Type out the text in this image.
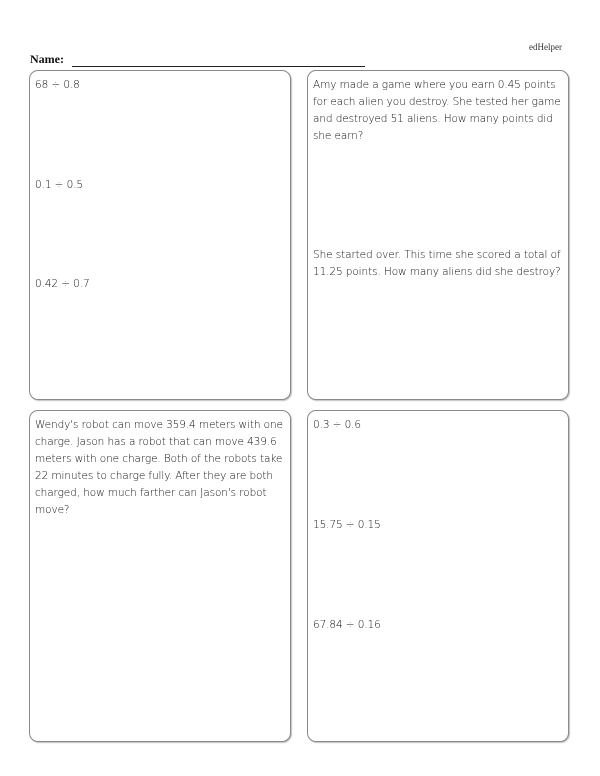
edHelper
Name:
68 ÷ 0.8
0.1 ÷ 0.5
0.42 ÷ 0.7
Amy made a game where you earn 0.45 points for each alien you destroy. She tested her game and destroyed 51 aliens. How many points did she earn?
She started over. This time she scored a total of 11.25 points. How many aliens did she destroy?
Wendy's robot can move 359.4 meters with one charge. Jason has a robot that can move 439.6 meters with one charge. Both of the robots take 22 minutes to charge fully. After they are both charged, how much farther can Jason's robot move?
0.3 ÷ 0.6
15.75 ÷ 0.15
67.84 ÷ 0.16
